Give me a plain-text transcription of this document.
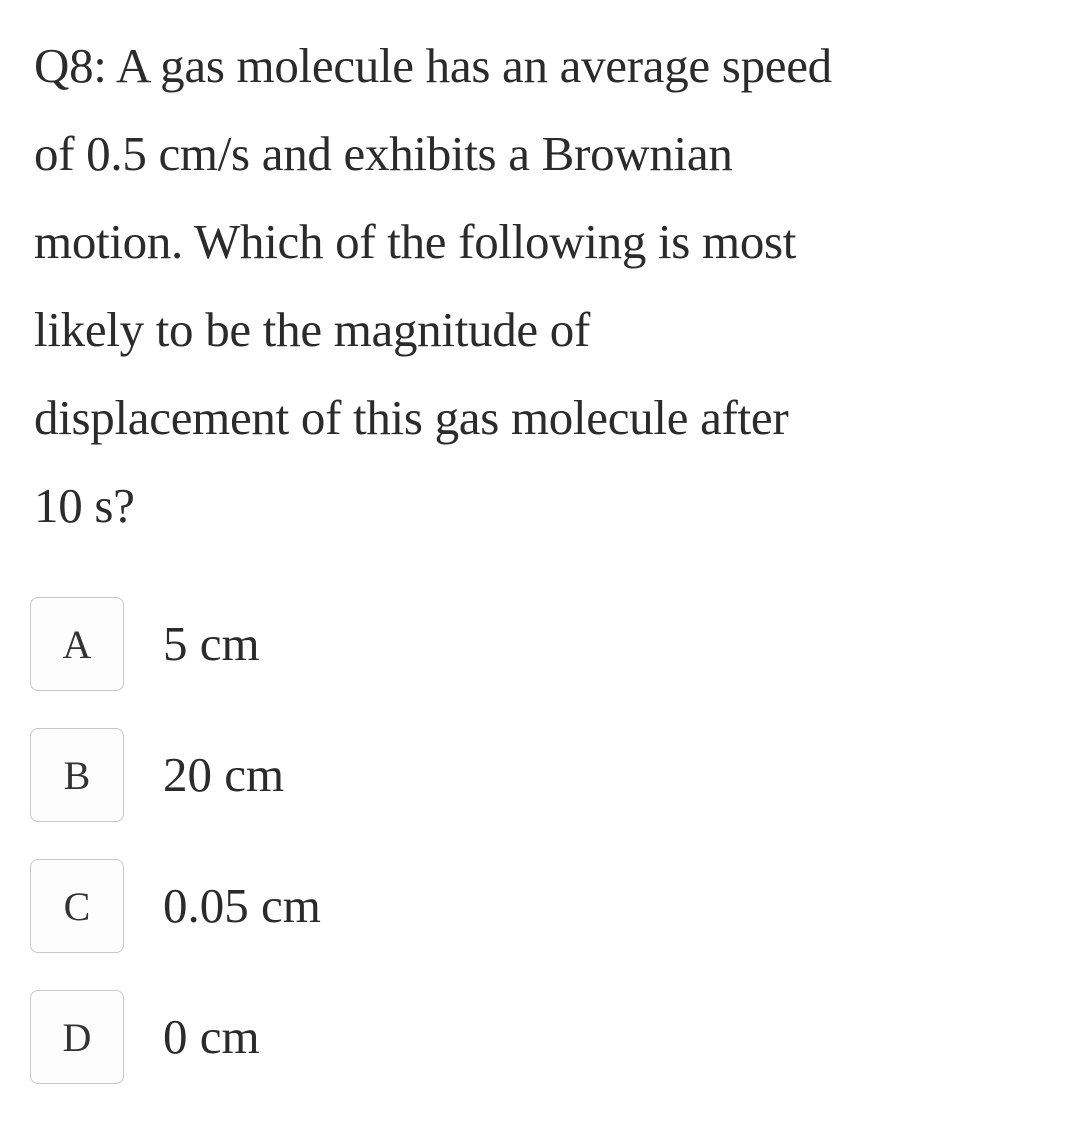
Q8: A gas molecule has an average speed
of 0.5 cm/s and exhibits a Brownian
motion. Which of the following is most
likely to be the magnitude of
displacement of this gas molecule after
10 s?
A	5 cm
B	20 cm
C	0.05 cm
D	0 cm
